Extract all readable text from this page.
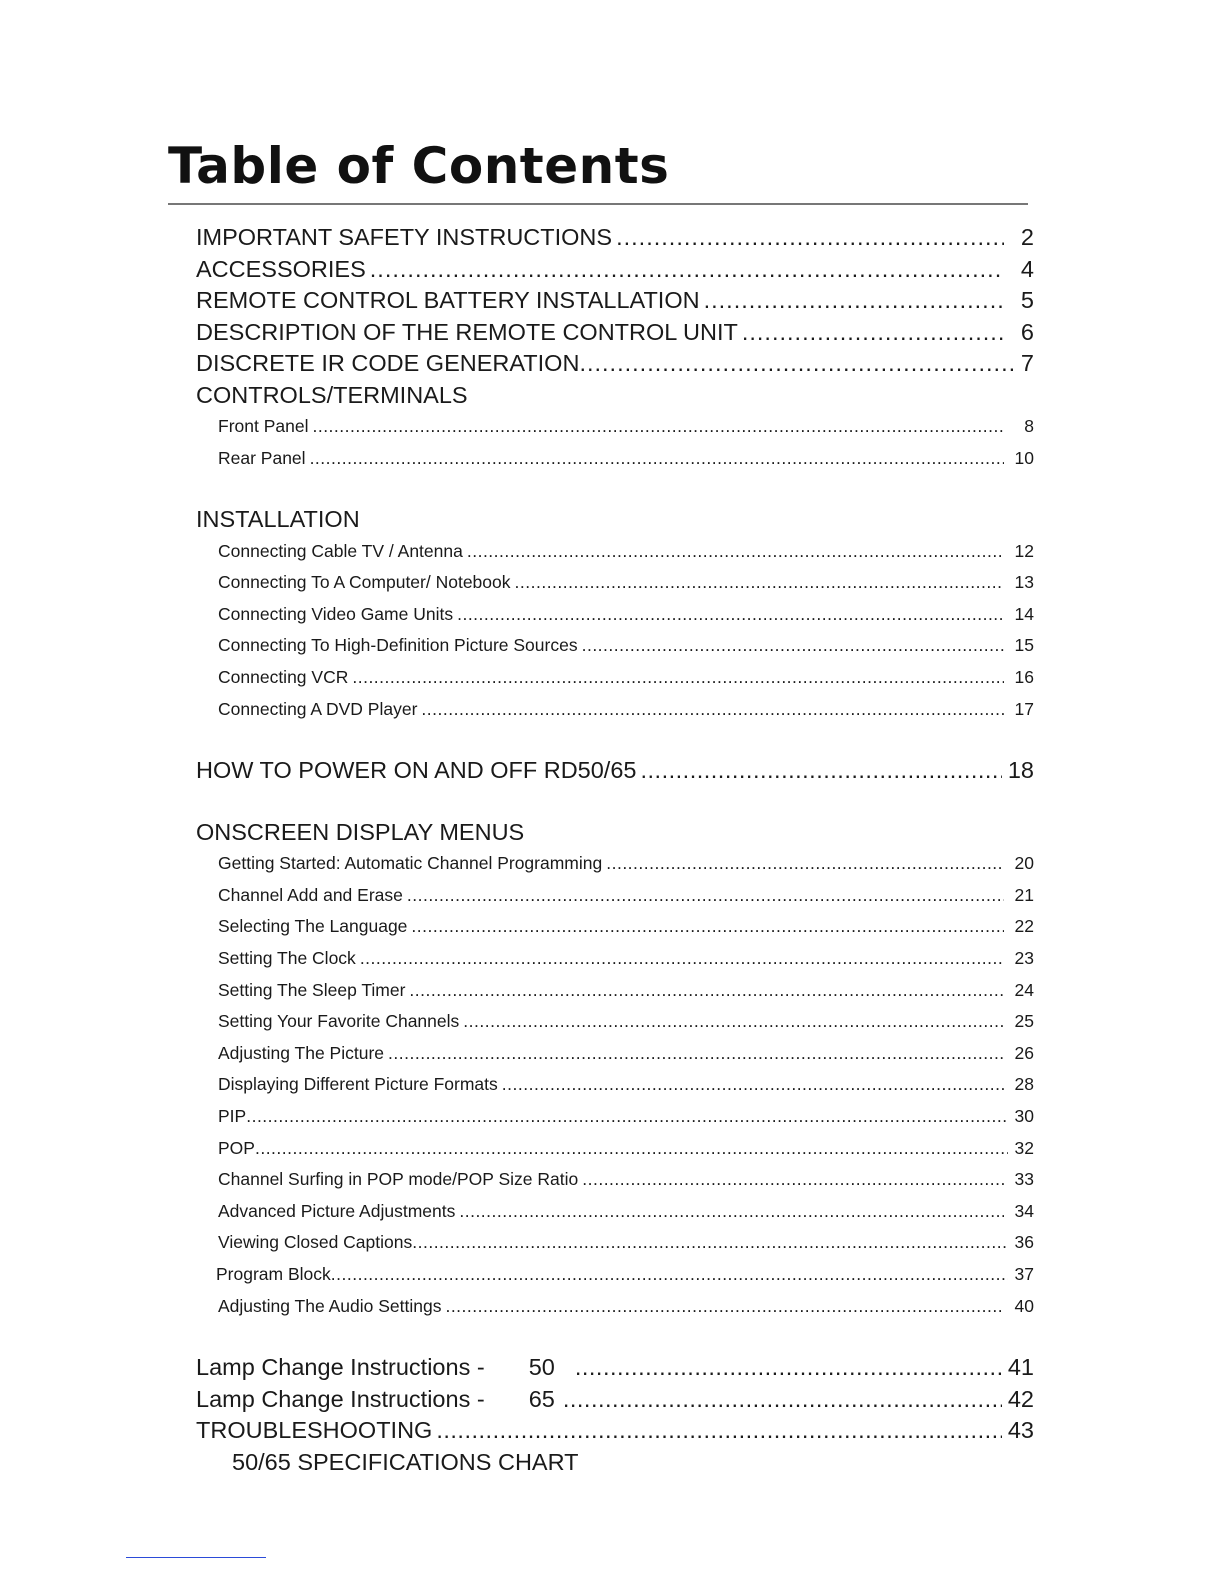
Table of Contents
IMPORTANT SAFETY INSTRUCTIONS .....	2
ACCESSORIES .....	4
REMOTE CONTROL BATTERY INSTALLATION .....	5
DESCRIPTION OF THE REMOTE CONTROL UNIT .....	6
DISCRETE IR CODE GENERATION .....	7
CONTROLS/TERMINALS
Front Panel .....	8
Rear Panel .....	10
INSTALLATION
Connecting Cable TV / Antenna .....	12
Connecting To A Computer/ Notebook .....	13
Connecting Video Game Units .....	14
Connecting To High-Definition Picture Sources .....	15
Connecting VCR .....	16
Connecting A DVD Player .....	17
HOW TO POWER ON AND OFF RD50/65 .....	18
ONSCREEN DISPLAY MENUS
Getting Started: Automatic Channel Programming .....	20
Channel Add and Erase .....	21
Selecting The Language .....	22
Setting The Clock .....	23
Setting The Sleep Timer .....	24
Setting Your Favorite Channels .....	25
Adjusting The Picture .....	26
Displaying Different Picture Formats .....	28
PIP .....	30
POP .....	32
Channel Surfing in POP mode/POP Size Ratio .....	33
Advanced Picture Adjustments .....	34
Viewing Closed Captions .....	36
Program Block .....	37
Adjusting The Audio Settings .....	40
Lamp Change Instructions - 50 .....	41
Lamp Change Instructions - 65 .....	42
TROUBLESHOOTING .....	43
50/65 SPECIFICATIONS CHART
